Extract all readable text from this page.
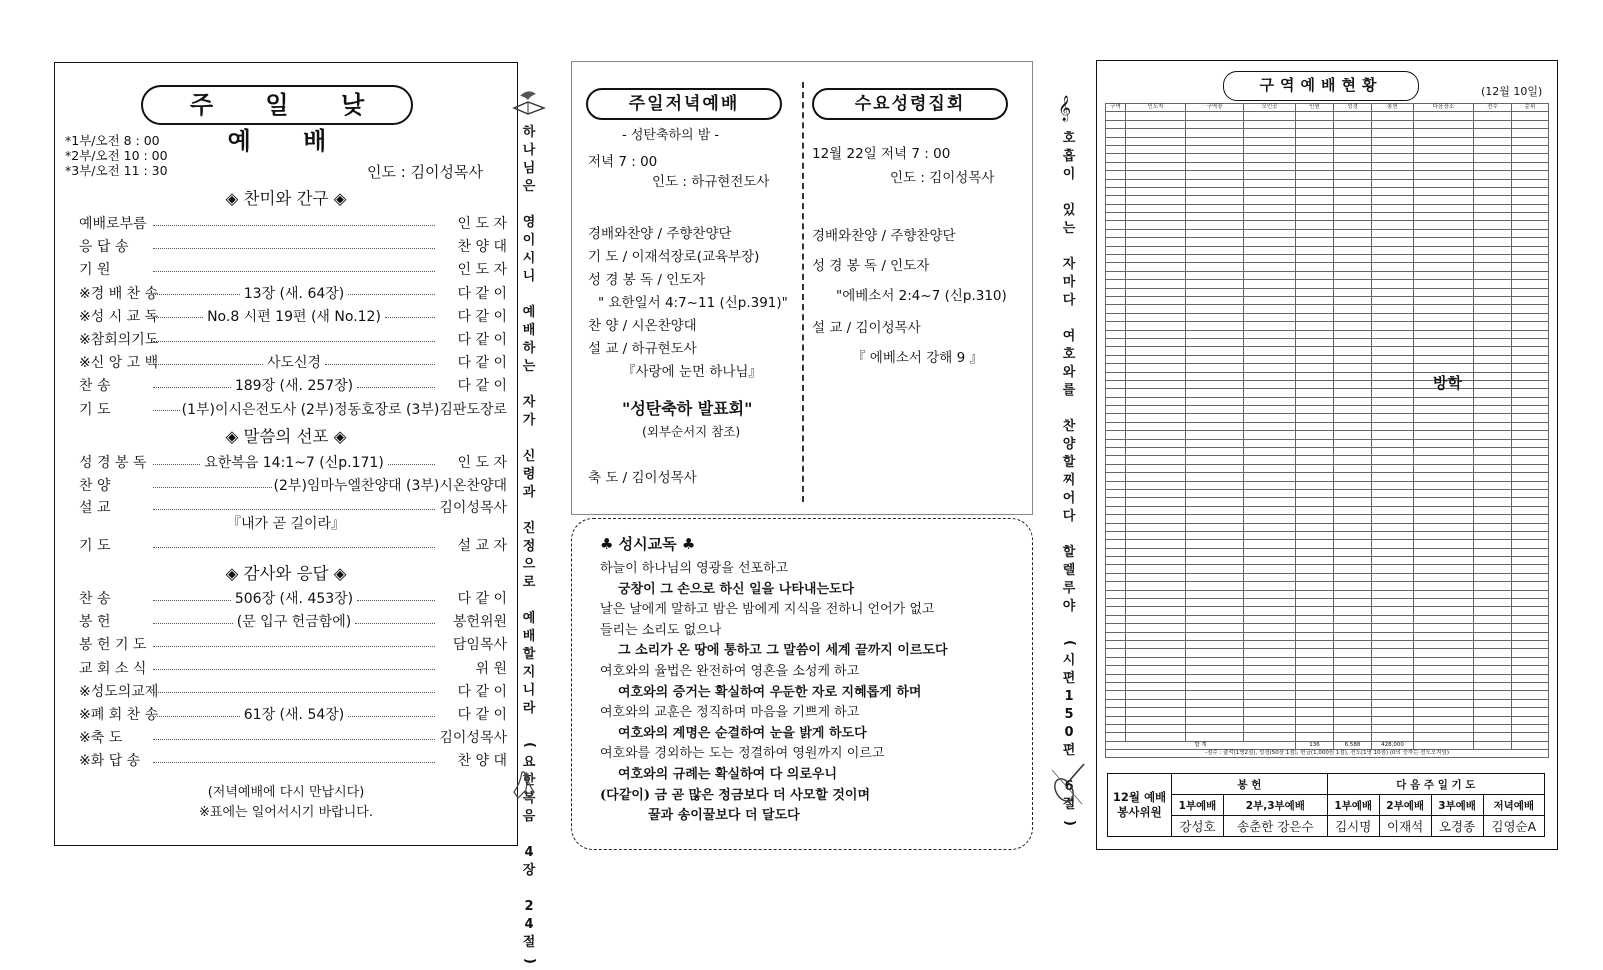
주 일 낮 예 배
*1부/오전 8 : 00
*2부/오전 10 : 00
*3부/오전 11 : 30	인도 : 김이성목사
◈ 찬미와 간구 ◈
예배로부름	인 도 자
응 답 송	찬 양 대
기 원	인 도 자
※경 배 찬 송	13장 (새. 64장)	다 같 이
※성 시 교 독	No.8 시편 19편 (새 No.12)	다 같 이
※참회의기도	다 같 이
※신 앙 고 백	사도신경	다 같 이
찬 송	189장 (새. 257장)	다 같 이
기 도	(1부)이시은전도사 (2부)정동호장로 (3부)김판도장로
◈ 말씀의 선포 ◈
성 경 봉 독	요한복음 14:1~7 (신p.171)	인 도 자
찬 양	(2부)임마누엘찬양대 (3부)시온찬양대
설 교	김이성목사
기 도	설 교 자
『내가 곧 길이라』
◈ 감사와 응답 ◈
찬 송	506장 (새. 453장)	다 같 이
봉 헌	(문 입구 헌금함에)	봉헌위원
봉 헌 기 도	담임목사
교 회 소 식	위 원
※성도의교제	다 같 이
※폐 회 찬 송	61장 (새. 54장)	다 같 이
※축 도	김이성목사
※화 답 송	찬 양 대
(저녁예배에 다시 만납시다)
※표에는 일어서시기 바랍니다.
하
나
님
은

영
이
시
니

예
배
하
는

자
가

신
령
과

진
정
으
로

예
배
할
지
니
라

(
요
한
복
음

4
장

2
4
절
)
주일저녁예배
- 성탄축하의 밤 -
저녁 7 : 00
인도 : 하규현전도사
경배와찬양 / 주향찬양단
기 도 / 이재석장로(교육부장)
성 경 봉 독 / 인도자
" 요한일서 4:7~11 (신p.391)"
찬 양 / 시온찬양대
설 교 / 하규현도사
『사랑에 눈먼 하나님』
"성탄축하 발표회"
(외부순서지 참조)
축 도 / 김이성목사
수요성령집회
12월 22일 저녁 7 : 00
인도 : 김이성목사
경배와찬양 / 주향찬양단
성 경 봉 독 / 인도자
"에베소서 2:4~7 (신p.310)
설 교 / 김이성목사
『 에베소서 강해 9 』
♣ 성시교독 ♣
하늘이 하나님의 영광을 선포하고
궁창이 그 손으로 하신 일을 나타내는도다
날은 날에게 말하고 밤은 밤에게 지식을 전하니 언어가 없고
들리는 소리도 없으나
그 소리가 온 땅에 통하고 그 말씀이 세계 끝까지 이르도다
여호와의 율법은 완전하여 영혼을 소성케 하고
여호와의 증거는 확실하여 우둔한 자로 지혜롭게 하며
여호와의 교훈은 정직하며 마음을 기쁘게 하고
여호와의 계명은 순결하여 눈을 밝게 하도다
여호와를 경외하는 도는 정결하여 영원까지 이르고
여호와의 규례는 확실하여 다 의로우니
(다같이) 금 곧 많은 정금보다 더 사모할 것이며
꿀과 송이꿀보다 더 달도다
𝄞
호
흡
이

있
는

자
마
다

여
호
와
를

찬
양
할
찌
어
다

할
렐
루
야

(
시
편
1
5
0
편

6
절
)
구역예배현황	(12월 10일)
구역	인도자	구역장	모인곳	인원	성경	봉헌	다음장소	전수	순위

합 계				136	6,588	428,000			
-점수 : 출석(1명2점), 성경(50장 1점), 헌금(1,000원 1점), 전도(1명 10점) (0의 숫자는 전도오지임)									
방학
12월 예배 봉사위원	봉 헌		다 음 주 일 기 도			
	1부예배	2부,3부예배	1부예배	2부예배	3부예배	저녁예배
	강성호	송춘한 강은수	김시명	이재석	오경종	김영순A
